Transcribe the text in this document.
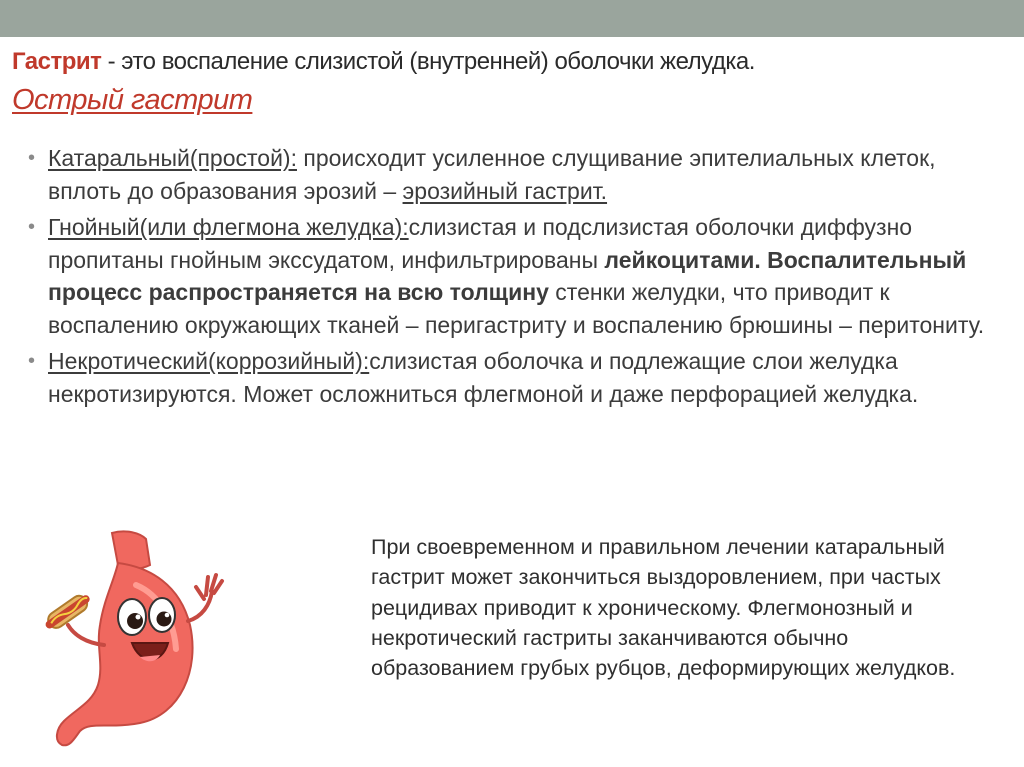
Гастрит - это воспаление слизистой (внутренней) оболочки желудка.
Острый гастрит
• Катаральный(простой): происходит усиленное слущивание эпителиальных клеток, вплоть до образования эрозий – эрозийный гастрит.
• Гнойный(или флегмона желудка):слизистая и подслизистая оболочки диффузно пропитаны гнойным экссудатом, инфильтрированы лейкоцитами. Воспалительный процесс распространяется на всю толщину стенки желудки, что приводит к воспалению окружающих тканей – перигастриту и воспалению брюшины – перитониту.
• Некротический(коррозийный):слизистая оболочка и подлежащие слои желудка некротизируются. Может осложниться флегмоной и даже перфорацией желудка.
При своевременном и правильном лечении катаральный гастрит может закончиться выздоровлением, при частых рецидивах приводит к хроническому. Флегмонозный и некротический гастриты заканчиваются обычно образованием грубых рубцов, деформирующих желудков.
